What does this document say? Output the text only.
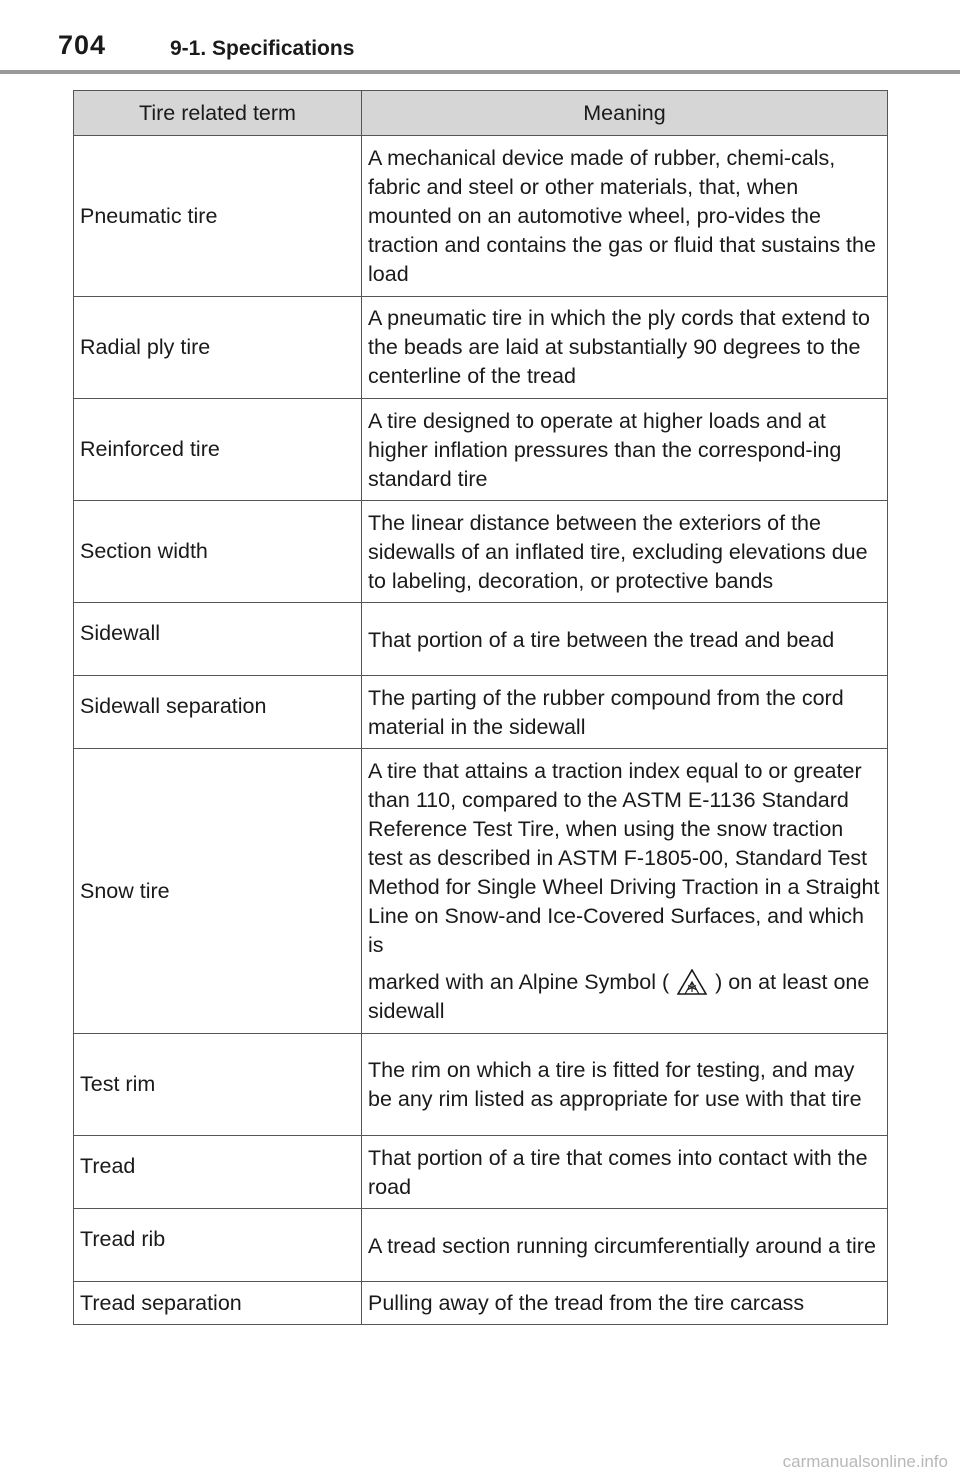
704	9-1. Specifications
Tire related term	Meaning
Pneumatic tire	A mechanical device made of rubber, chemi-cals, fabric and steel or other materials, that, when mounted on an automotive wheel, pro-vides the traction and contains the gas or fluid that sustains the load
Radial ply tire	A pneumatic tire in which the ply cords that extend to the beads are laid at substantially 90 degrees to the centerline of the tread
Reinforced tire	A tire designed to operate at higher loads and at higher inflation pressures than the correspond-ing standard tire
Section width	The linear distance between the exteriors of the sidewalls of an inflated tire, excluding elevations due to labeling, decoration, or protective bands
Sidewall	That portion of a tire between the tread and bead
Sidewall separation	The parting of the rubber compound from the cord material in the sidewall
Snow tire	A tire that attains a traction index equal to or greater than 110, compared to the ASTM E-1136 Standard Reference Test Tire, when using the snow traction test as described in ASTM F-1805-00, Standard Test Method for Single Wheel Driving Traction in a Straight Line on Snow-and Ice-Covered Surfaces, and which is
marked with an Alpine Symbol ( ) on at least one sidewall

Test rim	The rim on which a tire is fitted for testing, and may be any rim listed as appropriate for use with that tire
Tread	That portion of a tire that comes into contact with the road
Tread rib	A tread section running circumferentially around a tire
Tread separation	Pulling away of the tread from the tire carcass
carmanualsonline.info
